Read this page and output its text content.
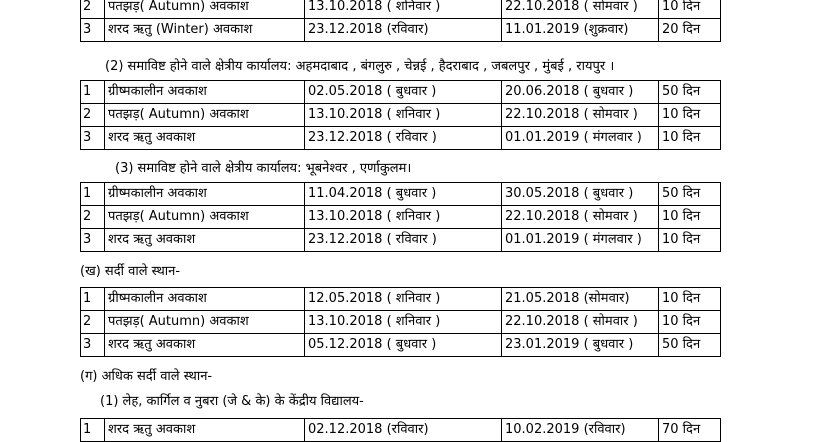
2	पतझड़( Autumn) अवकाश	13.10.2018 ( शनिवार )	22.10.2018 ( सोमवार )	10 दिन
3	शरद ऋतु (Winter) अवकाश	23.12.2018 (रविवार)	11.01.2019 (शुक्रवार)	20 दिन
(2) समाविष्ट होने वाले क्षेत्रीय कार्यालय: अहमदाबाद , बंगलुरु , चेन्नई , हैदराबाद , जबलपुर , मुंबई , रायपुर ।
1	ग्रीष्मकालीन अवकाश	02.05.2018 ( बुधवार )	20.06.2018 ( बुधवार )	50 दिन
2	पतझड़( Autumn) अवकाश	13.10.2018 ( शनिवार )	22.10.2018 ( सोमवार )	10 दिन
3	शरद ऋतु अवकाश	23.12.2018 ( रविवार )	01.01.2019 ( मंगलवार )	10 दिन
(3) समाविष्ट होने वाले क्षेत्रीय कार्यालय: भूबनेश्वर , एर्णाकुलम।
1	ग्रीष्मकालीन अवकाश	11.04.2018 ( बुधवार )	30.05.2018 ( बुधवार )	50 दिन
2	पतझड़( Autumn) अवकाश	13.10.2018 ( शनिवार )	22.10.2018 ( सोमवार )	10 दिन
3	शरद ऋतु अवकाश	23.12.2018 ( रविवार )	01.01.2019 ( मंगलवार )	10 दिन
(ख) सर्दी वाले स्थान-
1	ग्रीष्मकालीन अवकाश	12.05.2018 ( शनिवार )	21.05.2018 (सोमवार)	10 दिन
2	पतझड़( Autumn) अवकाश	13.10.2018 ( शनिवार )	22.10.2018 ( सोमवार )	10 दिन
3	शरद ऋतु अवकाश	05.12.2018 ( बुधवार )	23.01.2019 ( बुधवार )	50 दिन
(ग) अधिक सर्दी वाले स्थान-
(1) लेह, कार्गिल व नुबरा (जे & के) के केंद्रीय विद्यालय-
1	शरद ऋतु अवकाश	02.12.2018 (रविवार)	10.02.2019 (रविवार)	70 दिन
